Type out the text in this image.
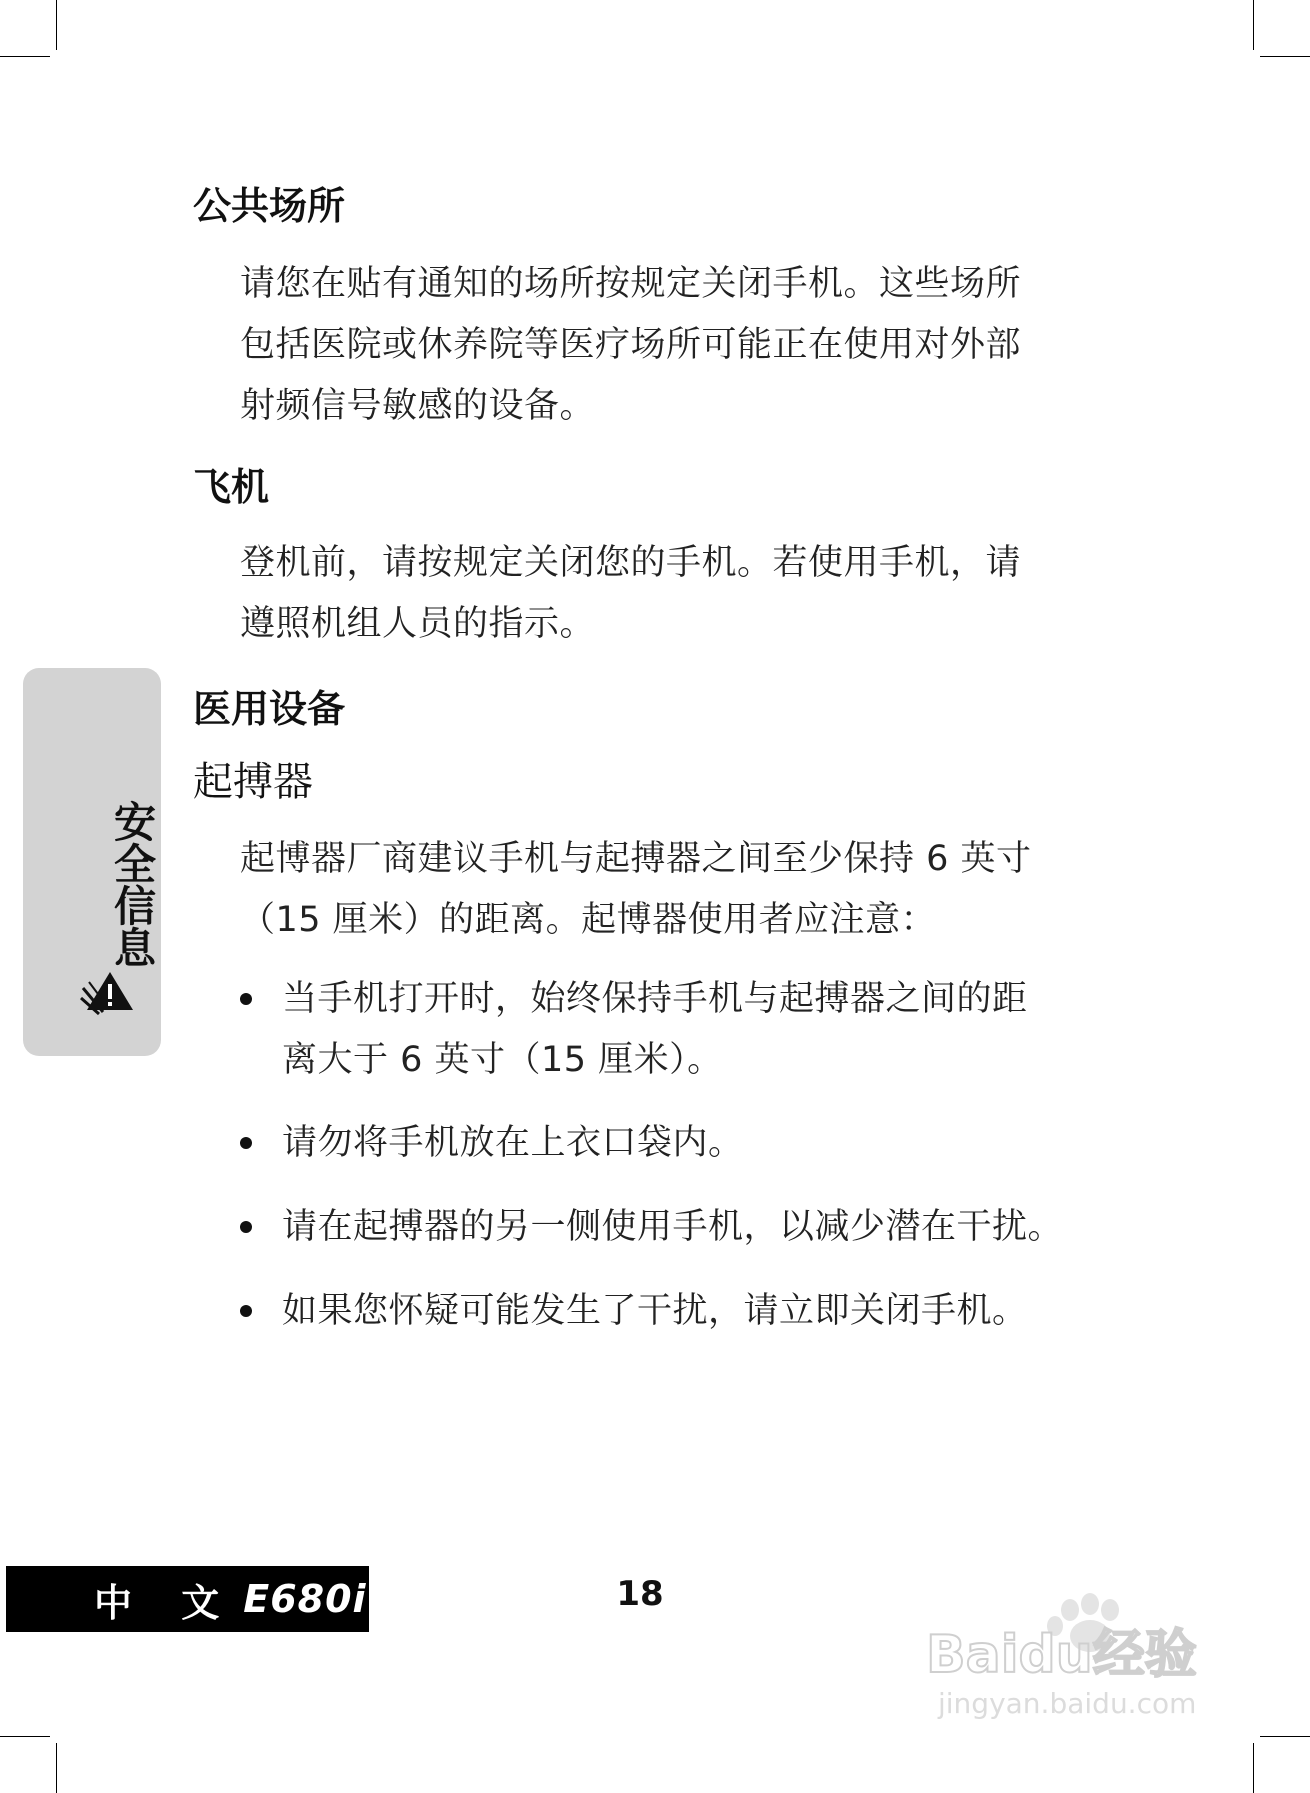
公共场所

请您在贴有通知的场所按规定关闭手机。这些场所
包括医院或休养院等医疗场所可能正在使用对外部
射频信号敏感的设备。

飞机

登机前，请按规定关闭您的手机。若使用手机，请
遵照机组人员的指示。

安全信息
医用设备
起搏器

起博器厂商建议手机与起搏器之间至少保持 6 英寸
（15 厘米）的距离。起博器使用者应注意：

当手机打开时，始终保持手机与起搏器之间的距
离大于 6 英寸（15 厘米）。
请勿将手机放在上衣口袋内。
请在起搏器的另一侧使用手机，以减少潜在干扰。
如果您怀疑可能发生了干扰，请立即关闭手机。
中 文 E680i	18

Baidu经验
jingyan.baidu.com
